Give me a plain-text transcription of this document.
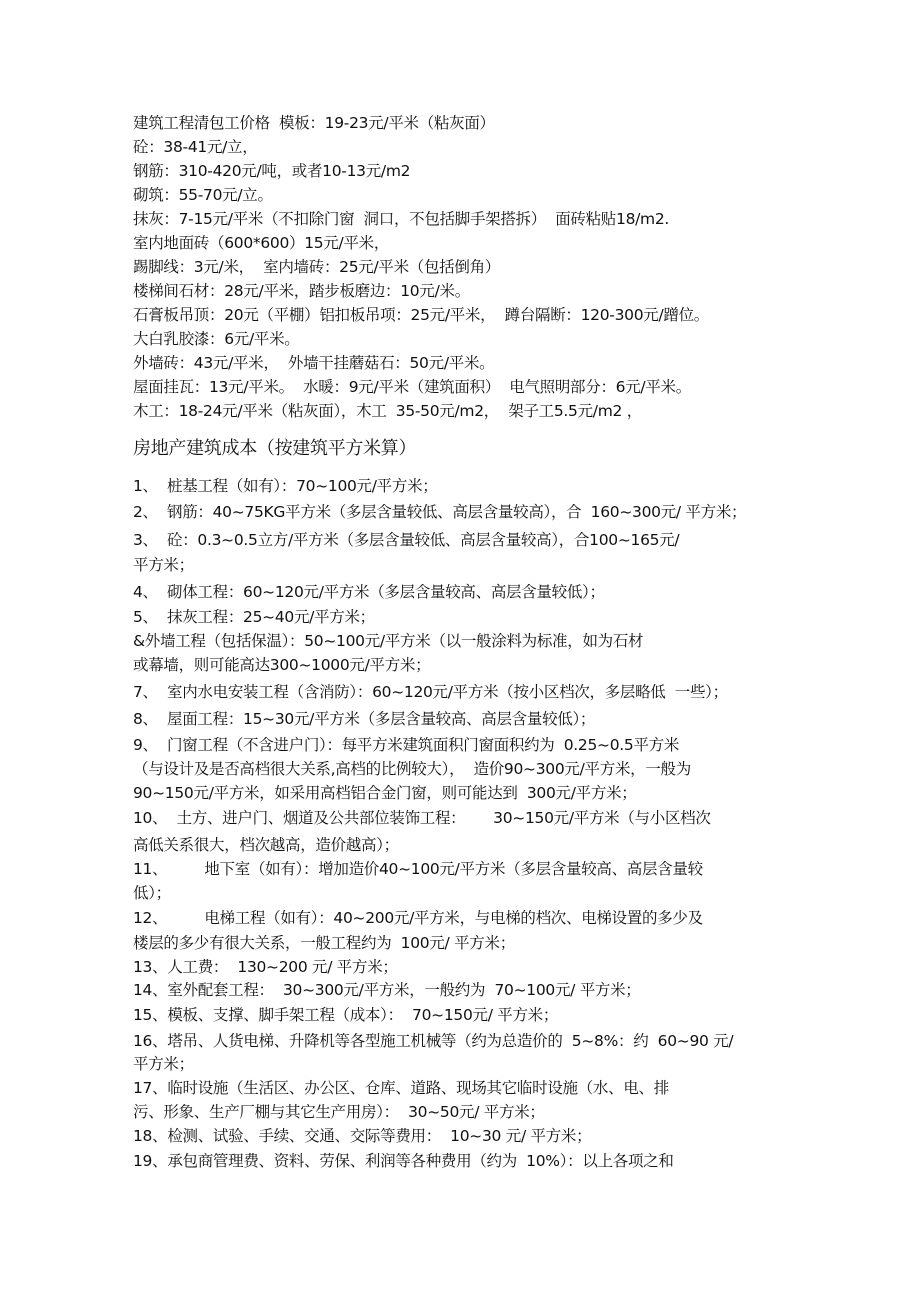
建筑工程清包工价格  模板：19-23元/平米（粘灰面）
砼：38-41元/立，
钢筋：310-420元/吨，或者10-13元/m2
砌筑：55-70元/立。
抹灰：7-15元/平米（不扣除门窗  洞口，不包括脚手架搭拆）  面砖粘贴18/m2.
室内地面砖（600*600）15元/平米，
踢脚线：3元/米，  室内墙砖：25元/平米（包括倒角）
楼梯间石材：28元/平米，踏步板磨边：10元/米。
石膏板吊顶：20元（平棚）铝扣板吊项：25元/平米，  蹲台隔断：120-300元/蹭位。
大白乳胶漆：6元/平米。
外墙砖：43元/平米，  外墙干挂蘑菇石：50元/平米。
屋面挂瓦：13元/平米。  水暖：9元/平米（建筑面积）  电气照明部分：6元/平米。
木工：18-24元/平米（粘灰面），木工  35-50元/m2，  架子工5.5元/m2 ，
房地产建筑成本（按建筑平方米算）
1、  桩基工程（如有）：70~100元/平方米；
2、  钢筋：40~75KG平方米（多层含量较低、高层含量较高），合  160~300元/ 平方米；
3、  砼：0.3~0.5立方/平方米（多层含量较低、高层含量较高），合100~165元/
平方米；
4、  砌体工程：60~120元/平方米（多层含量较高、高层含量较低）；
5、  抹灰工程：25~40元/平方米；
&外墙工程（包括保温）：50~100元/平方米（以一般涂料为标准，如为石材
或幕墙，则可能高达300~1000元/平方米；
7、  室内水电安装工程（含消防）：60~120元/平方米（按小区档次，多层略低  一些）；
8、  屋面工程：15~30元/平方米（多层含量较高、高层含量较低）；
9、  门窗工程（不含进户门）：每平方米建筑面积门窗面积约为  0.25~0.5平方米
（与设计及是否高档很大关系,高档的比例较大），  造价90~300元/平方米，一般为
90~150元/平方米，如采用高档铝合金门窗，则可能达到  300元/平方米；
10、  土方、进户门、烟道及公共部位装饰工程：      30~150元/平方米（与小区档次
高低关系很大，档次越高，造价越高）；
11、        地下室（如有）：增加造价40~100元/平方米（多层含量较高、高层含量较
低）；
12、        电梯工程（如有）：40~200元/平方米，与电梯的档次、电梯设置的多少及
楼层的多少有很大关系，一般工程约为  100元/ 平方米；
13、人工费：  130~200 元/ 平方米；
14、室外配套工程：  30~300元/平方米，一般约为  70~100元/ 平方米；
15、模板、支撑、脚手架工程（成本）：  70~150元/ 平方米；
16、塔吊、人货电梯、升降机等各型施工机械等（约为总造价的  5~8%：约  60~90 元/
平方米；
17、临时设施（生活区、办公区、仓库、道路、现场其它临时设施（水、电、排
污、形象、生产厂棚与其它生产用房）：  30~50元/ 平方米；
18、检测、试验、手续、交通、交际等费用：  10~30 元/ 平方米；
19、承包商管理费、资料、劳保、利润等各种费用（约为  10%）：以上各项之和
